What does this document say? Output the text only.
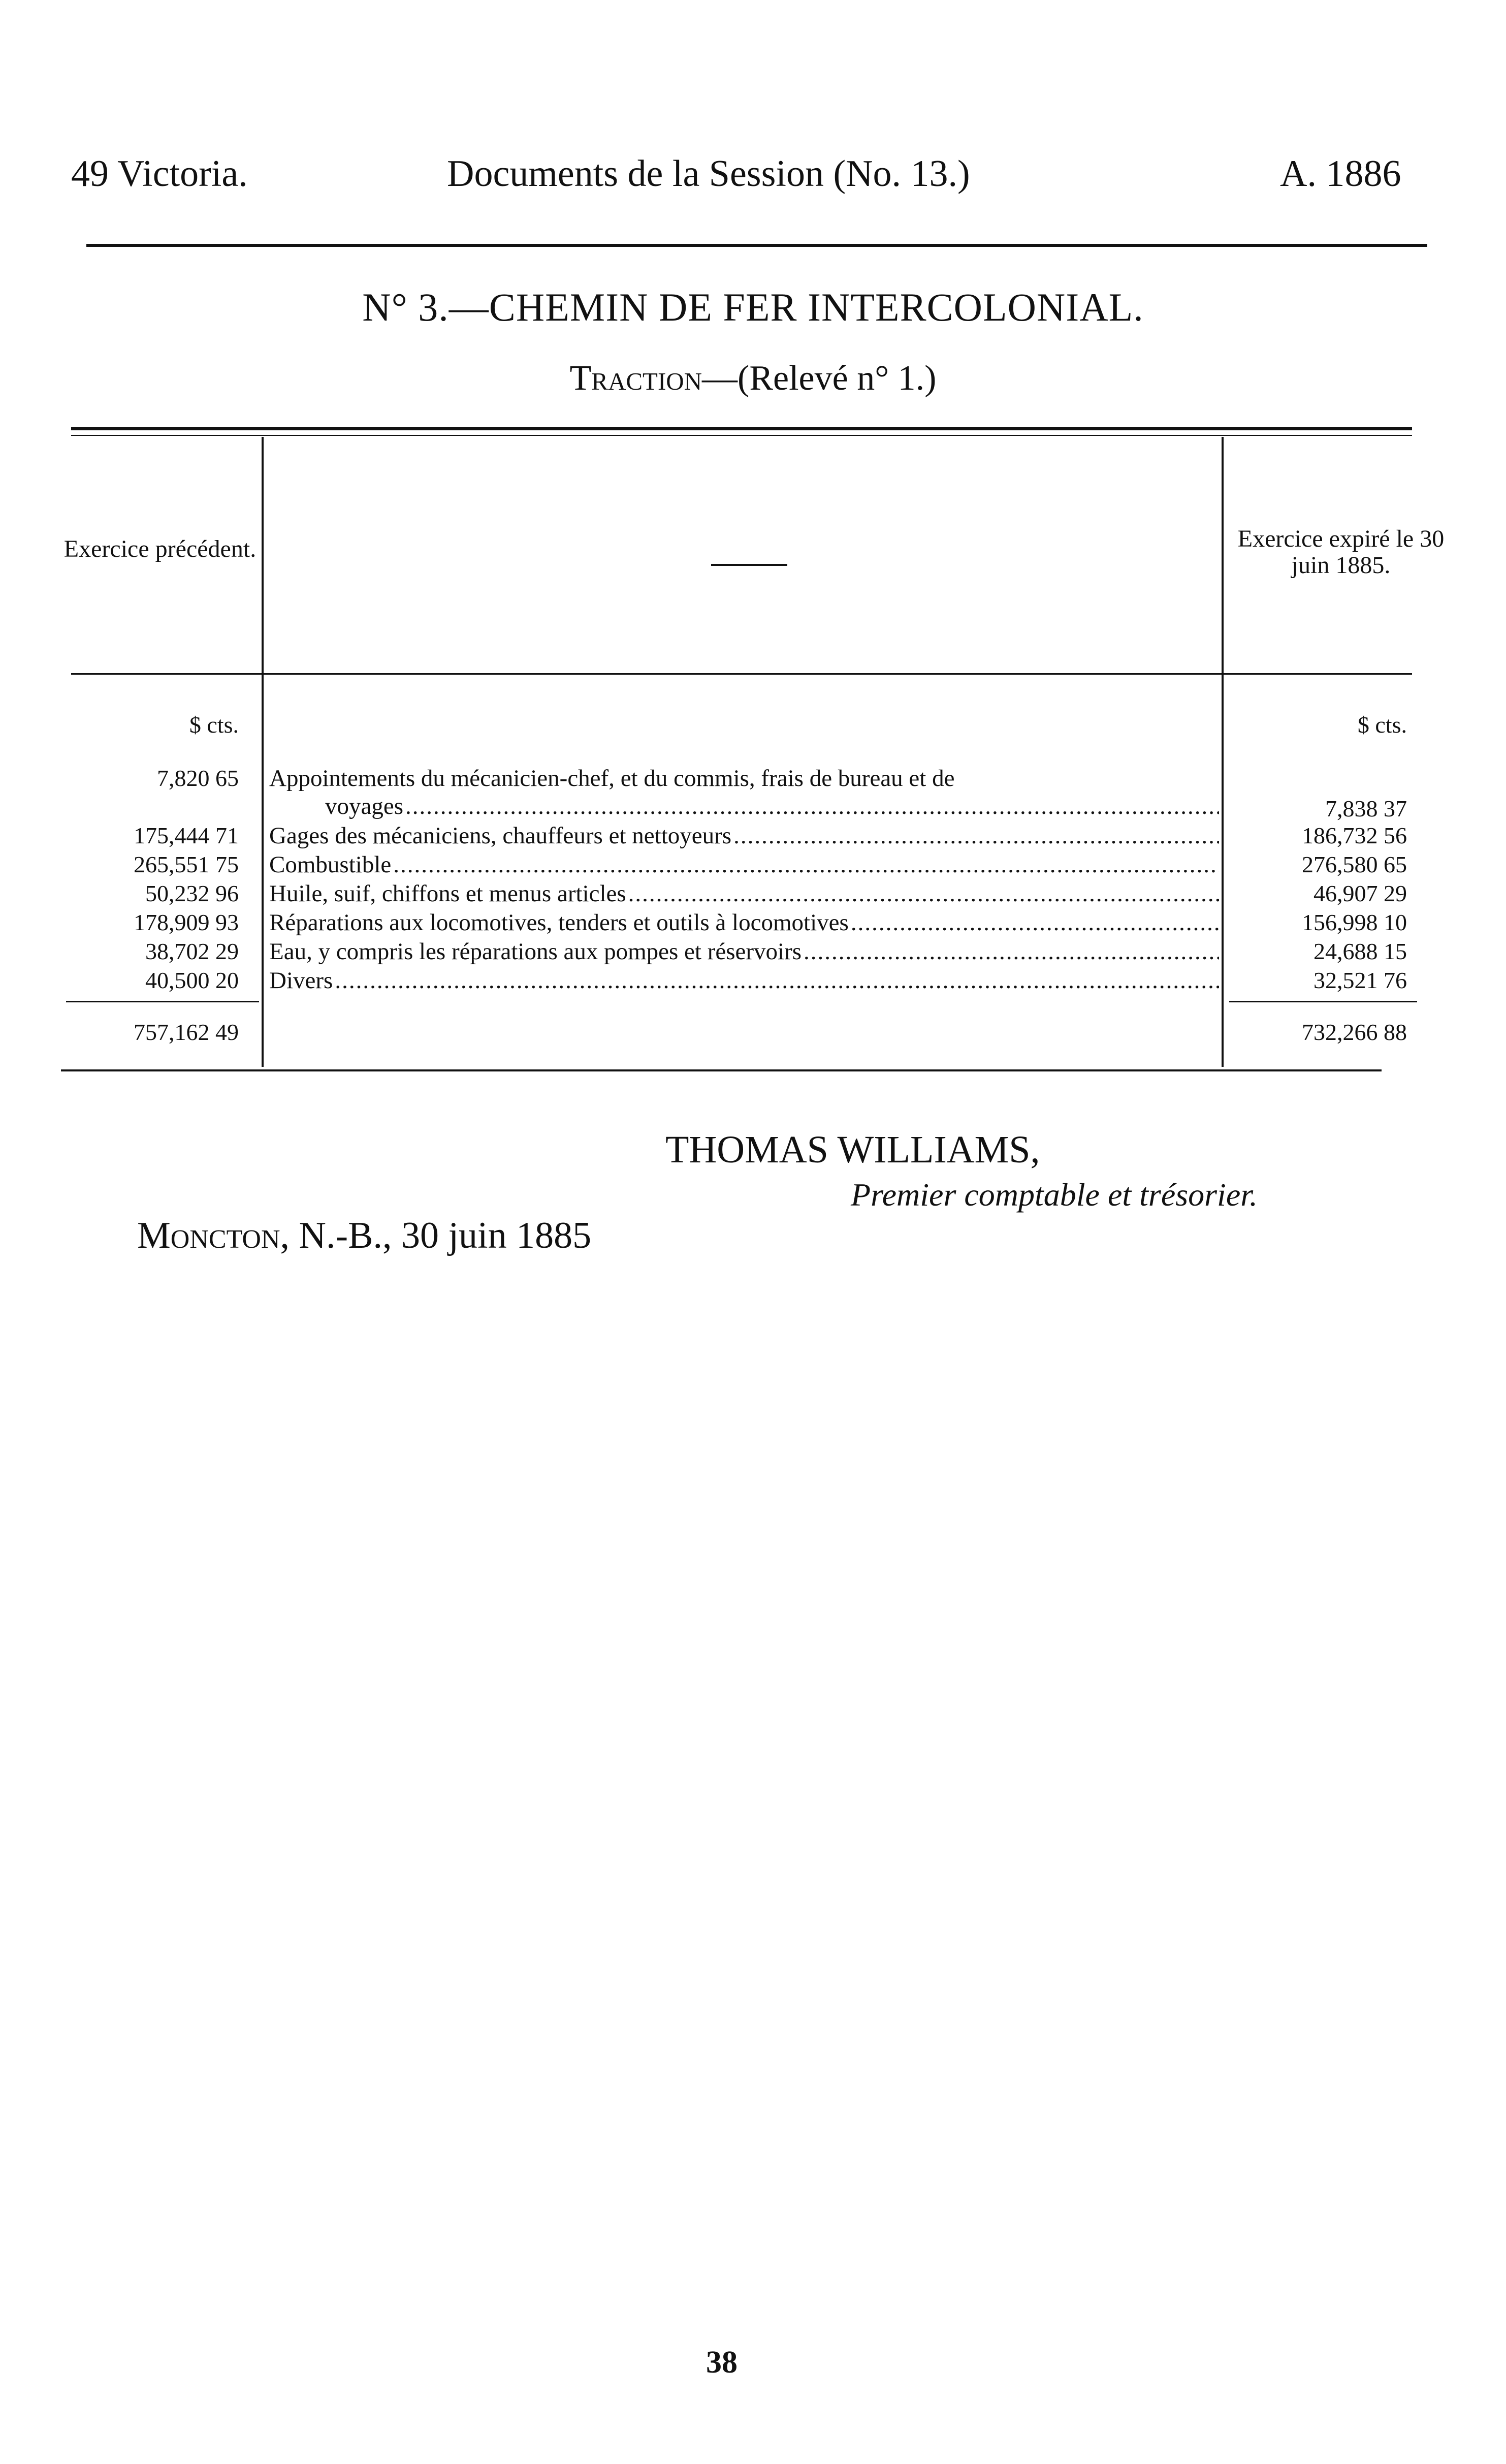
49 Victoria.	Documents de la Session (No. 13.)	A. 1886
N° 3.—CHEMIN DE FER INTERCOLONIAL.
Traction—(Relevé n° 1.)
Exercice précédent.	Exercice expiré le 30 juin 1885.
$ cts.	$ cts.
7,820 65 Appointements du mécanicien-chef, et du commis, frais de bureau et de
voyages .....	7,838 37
175,444 71 Gages des mécaniciens, chauffeurs et nettoyeurs .....	186,732 56
265,551 75 Combustible .....	276,580 65
50,232 96 Huile, suif, chiffons et menus articles .....	46,907 29
178,909 93 Réparations aux locomotives, tenders et outils à locomotives .....	156,998 10
38,702 29 Eau, y compris les réparations aux pompes et réservoirs .....	24,688 15
40,500 20 Divers .....	32,521 76
757,162 49	732,266 88
THOMAS WILLIAMS,
Premier comptable et trésorier.
Moncton, N.-B., 30 juin 1885
38
